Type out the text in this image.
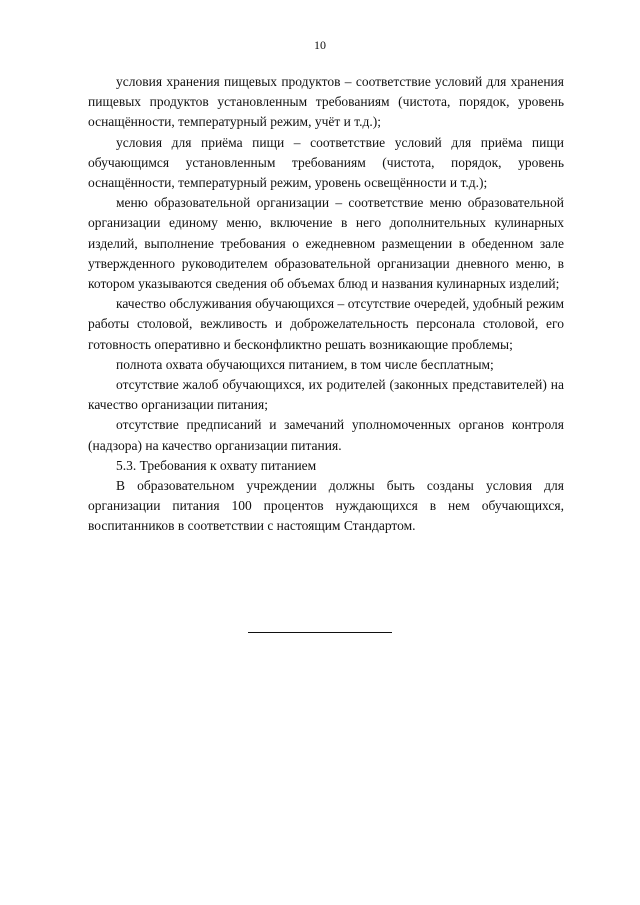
10

условия хранения пищевых продуктов – соответствие условий для хранения пищевых продуктов установленным требованиям (чистота, порядок, уровень оснащённости, температурный режим, учёт и т.д.);

условия для приёма пищи – соответствие условий для приёма пищи обучающимся установленным требованиям (чистота, порядок, уровень оснащённости, температурный режим, уровень освещённости и т.д.);

меню образовательной организации – соответствие меню образовательной организации единому меню, включение в него дополнительных кулинарных изделий, выполнение требования о ежедневном размещении в обеденном зале утвержденного руководителем образовательной организации дневного меню, в котором указываются сведения об объемах блюд и названия кулинарных изделий;

качество обслуживания обучающихся – отсутствие очередей, удобный режим работы столовой, вежливость и доброжелательность персонала столовой, его готовность оперативно и бесконфликтно решать возникающие проблемы;

полнота охвата обучающихся питанием, в том числе бесплатным;

отсутствие жалоб обучающихся, их родителей (законных представителей) на качество организации питания;

отсутствие предписаний и замечаний уполномоченных органов контроля (надзора) на качество организации питания.

5.3. Требования к охвату питанием

В образовательном учреждении должны быть созданы условия для организации питания 100 процентов нуждающихся в нем обучающихся, воспитанников в соответствии с настоящим Стандартом.
